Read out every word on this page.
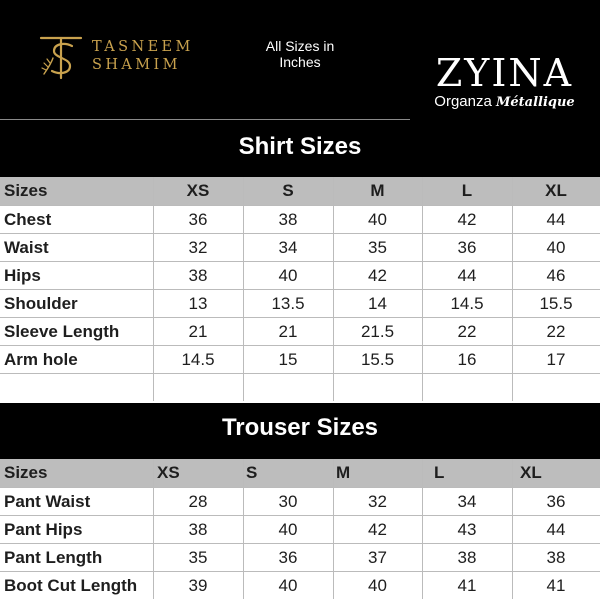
TASNEEM
SHAMIM
All Sizes in
Inches	ZYINA
Organza Métallique
Shirt Sizes
Sizes	XS	S	M	L	XL
Chest	36	38	40	42	44
Waist	32	34	35	36	40
Hips	38	40	42	44	46
Shoulder	13	13.5	14	14.5	15.5
Sleeve Length	21	21	21.5	22	22
Arm hole	14.5	15	15.5	16	17
Trouser Sizes
Sizes	XS	S	M	L	XL
Pant Waist	28	30	32	34	36
Pant Hips	38	40	42	43	44
Pant Length	35	36	37	38	38
Boot Cut Length	39	40	40	41	41
